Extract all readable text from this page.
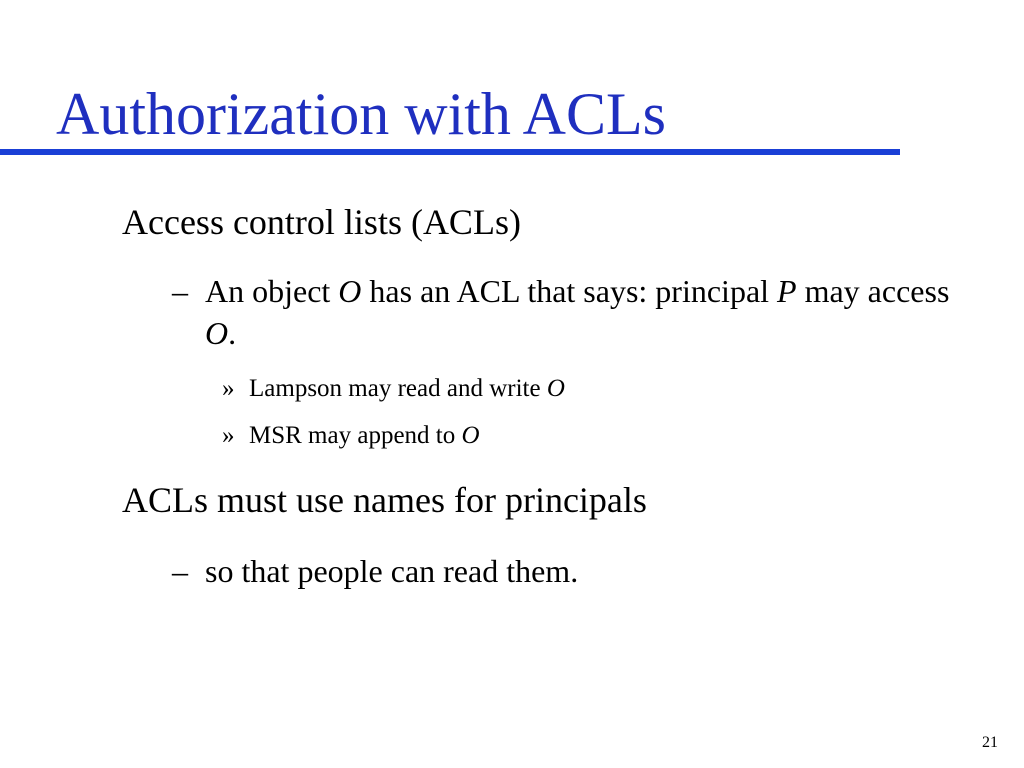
Authorization with ACLs
Access control lists (ACLs)
– An object O has an ACL that says: principal P may access O.
» Lampson may read and write O
» MSR may append to O
ACLs must use names for principals
– so that people can read them.
21
